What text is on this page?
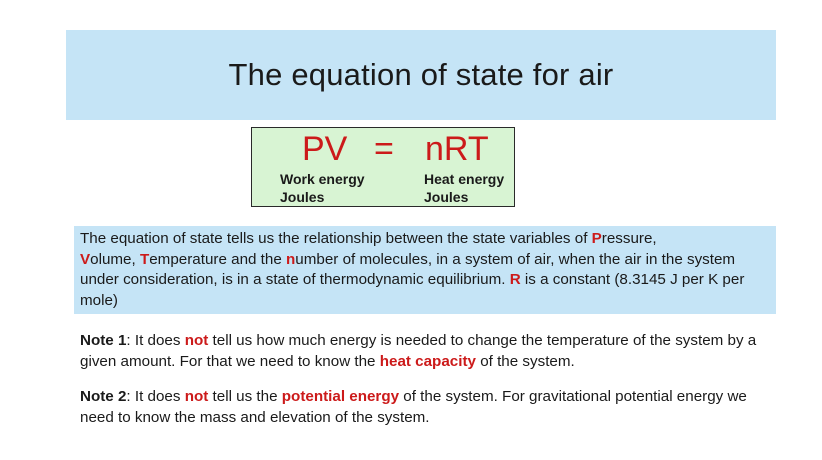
The equation of state for air
PV = nRT
Work energy
Joules
Heat energy
Joules
The equation of state tells us the relationship between the state variables of Pressure,
Volume, Temperature and the number of molecules, in a system of air, when the air in the system under consideration, is in a state of thermodynamic equilibrium. R is a constant (8.3145 J per K per mole)
Note 1: It does not tell us how much energy is needed to change the temperature of the system by a given amount. For that we need to know the heat capacity of the system.
Note 2: It does not tell us the potential energy of the system. For gravitational potential energy we need to know the mass and elevation of the system.
